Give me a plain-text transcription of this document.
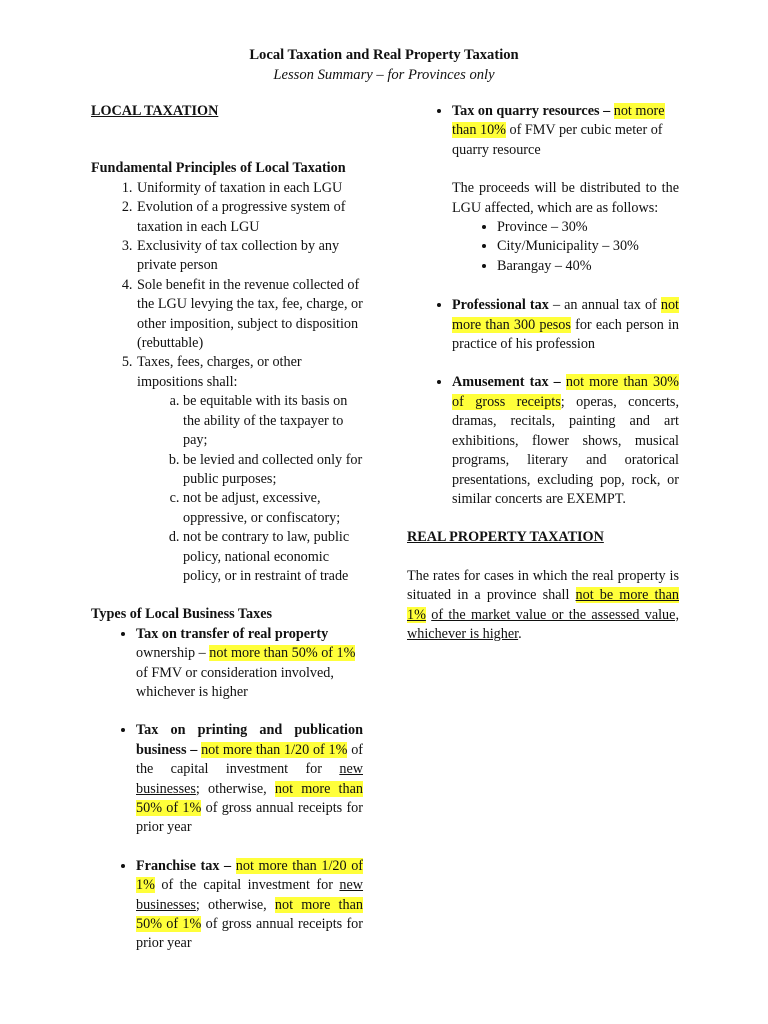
Local Taxation and Real Property Taxation
Lesson Summary – for Provinces only

LOCAL TAXATION

Fundamental Principles of Local Taxation

1. Uniformity of taxation in each LGU
2. Evolution of a progressive system of taxation in each LGU
3. Exclusivity of tax collection by any private person
4. Sole benefit in the revenue collected of the LGU levying the tax, fee, charge, or other imposition, subject to disposition (rebuttable)
5. Taxes, fees, charges, or other impositions shall:
a. be equitable with its basis on the ability of the taxpayer to pay;
b. be levied and collected only for public purposes;
c. not be adjust, excessive, oppressive, or confiscatory;
d. not be contrary to law, public policy, national economic policy, or in restraint of trade

Types of Local Business Taxes

• Tax on transfer of real property
ownership – not more than 50% of 1% of FMV or consideration involved, whichever is higher
• Tax on printing and publication business – not more than 1/20 of 1% of the capital investment for new businesses; otherwise, not more than 50% of 1% of gross annual receipts for prior year
• Franchise tax – not more than 1/20 of 1% of the capital investment for new businesses; otherwise, not more than 50% of 1% of gross annual receipts for prior year
• Tax on quarry resources – not more than 10% of FMV per cubic meter of quarry resource

The proceeds will be distributed to the LGU affected, which are as follows:

• Province – 30%
• City/Municipality – 30%
• Barangay – 40%
• Professional tax – an annual tax of not more than 300 pesos for each person in practice of his profession
• Amusement tax – not more than 30% of gross receipts; operas, concerts, dramas, recitals, painting and art exhibitions, flower shows, musical programs, literary and oratorical presentations, excluding pop, rock, or similar concerts are EXEMPT.

REAL PROPERTY TAXATION

The rates for cases in which the real property is situated in a province shall not be more than 1% of the market value or the assessed value, whichever is higher.
